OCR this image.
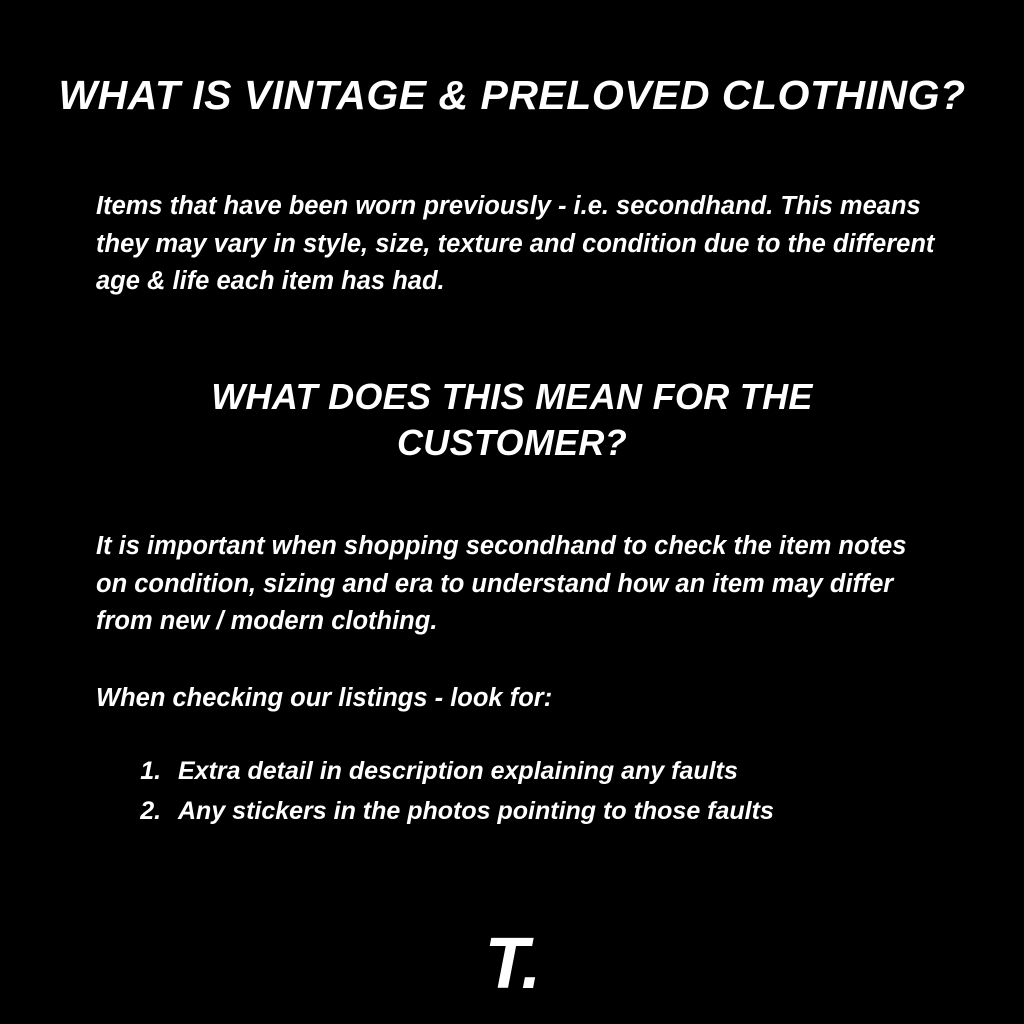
WHAT IS VINTAGE & PRELOVED CLOTHING?
Items that have been worn previously - i.e. secondhand. This means they may vary in style, size, texture and condition due to the different age & life each item has had.
WHAT DOES THIS MEAN FOR THE CUSTOMER?
It is important when shopping secondhand to check the item notes on condition, sizing and era to understand how an item may differ from new / modern clothing.
When checking our listings - look for:
1. Extra detail in description explaining any faults
2. Any stickers in the photos pointing to those faults
T.
